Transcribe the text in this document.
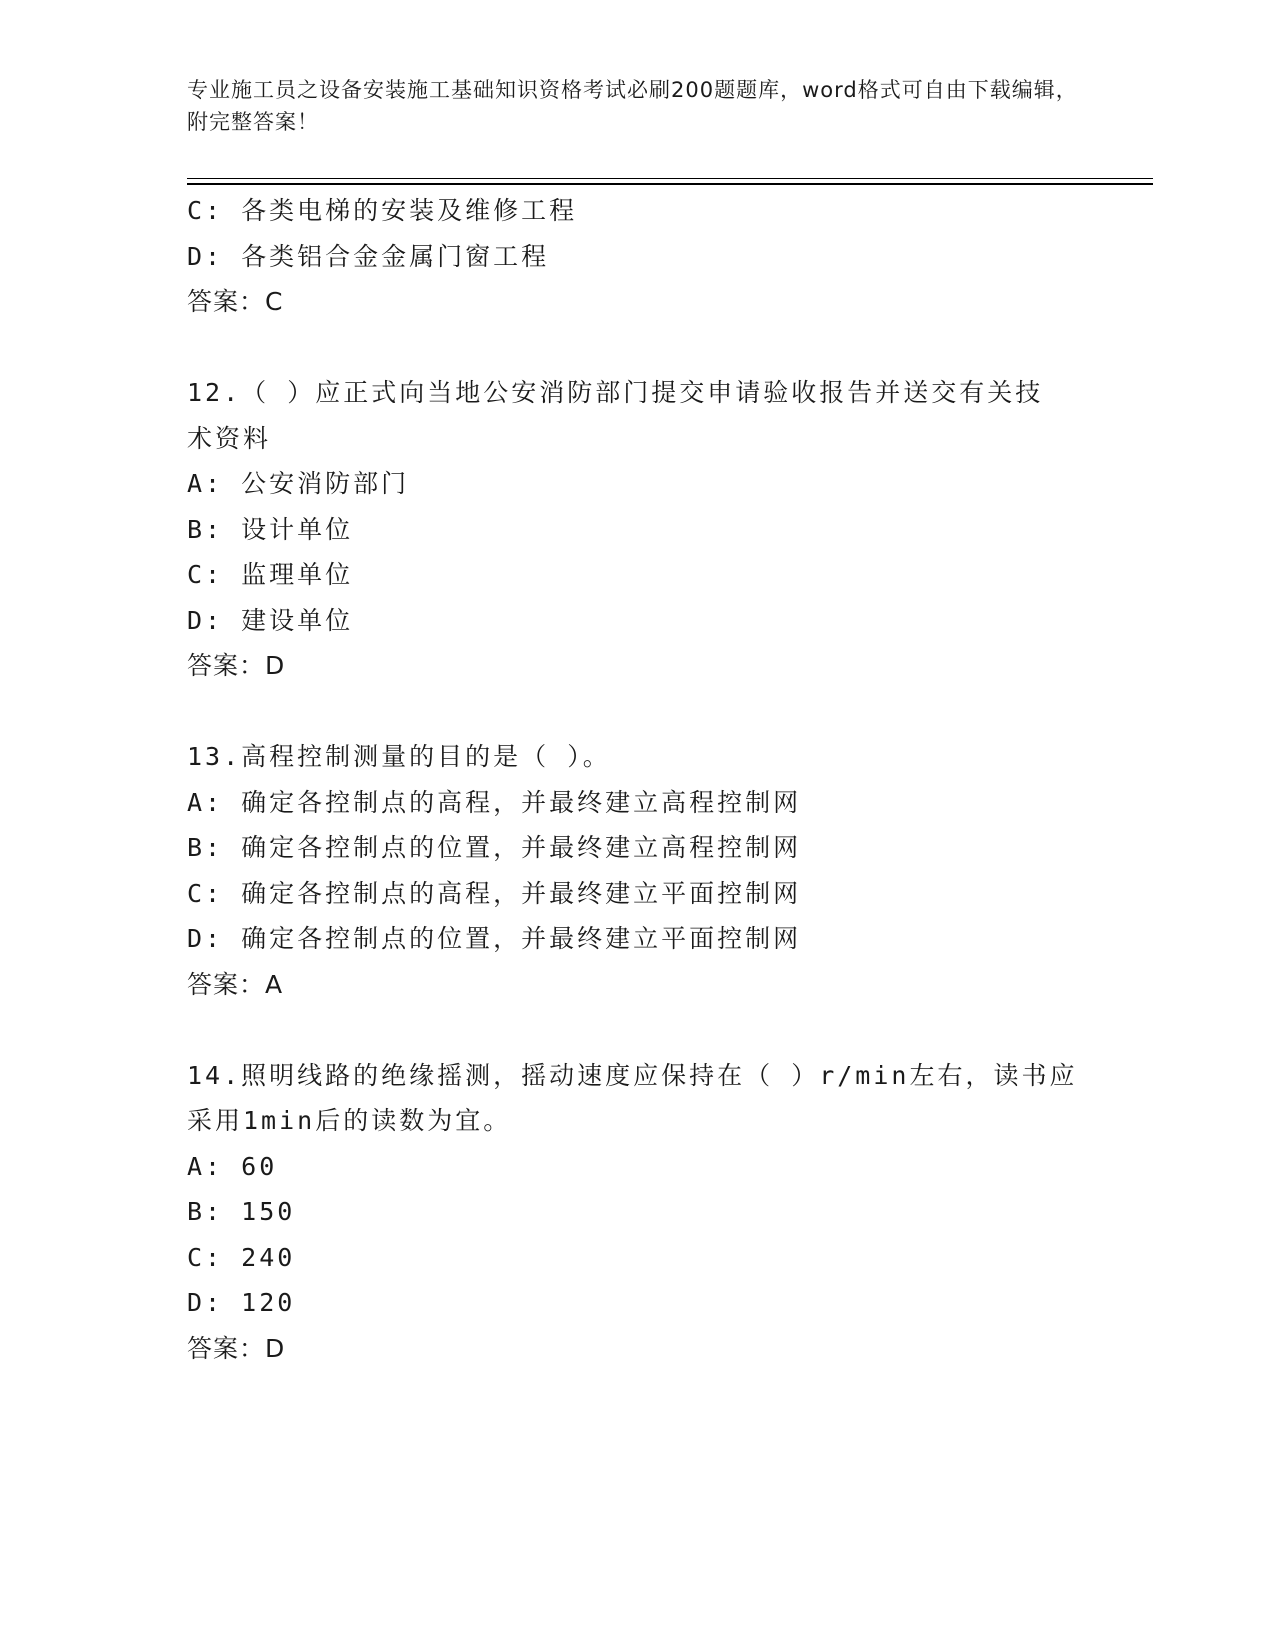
专业施工员之设备安装施工基础知识资格考试必刷200题题库，word格式可自由下载编辑，附完整答案！
C: 各类电梯的安装及维修工程
D: 各类铝合金金属门窗工程
答案：C
12.（ ）应正式向当地公安消防部门提交申请验收报告并送交有关技
术资料
A: 公安消防部门
B: 设计单位
C: 监理单位
D: 建设单位
答案：D
13.高程控制测量的目的是（ ）。
A: 确定各控制点的高程，并最终建立高程控制网
B: 确定各控制点的位置，并最终建立高程控制网
C: 确定各控制点的高程，并最终建立平面控制网
D: 确定各控制点的位置，并最终建立平面控制网
答案：A
14.照明线路的绝缘摇测，摇动速度应保持在（ ）r/min左右，读书应
采用1min后的读数为宜。
A: 60
B: 150
C: 240
D: 120
答案：D
